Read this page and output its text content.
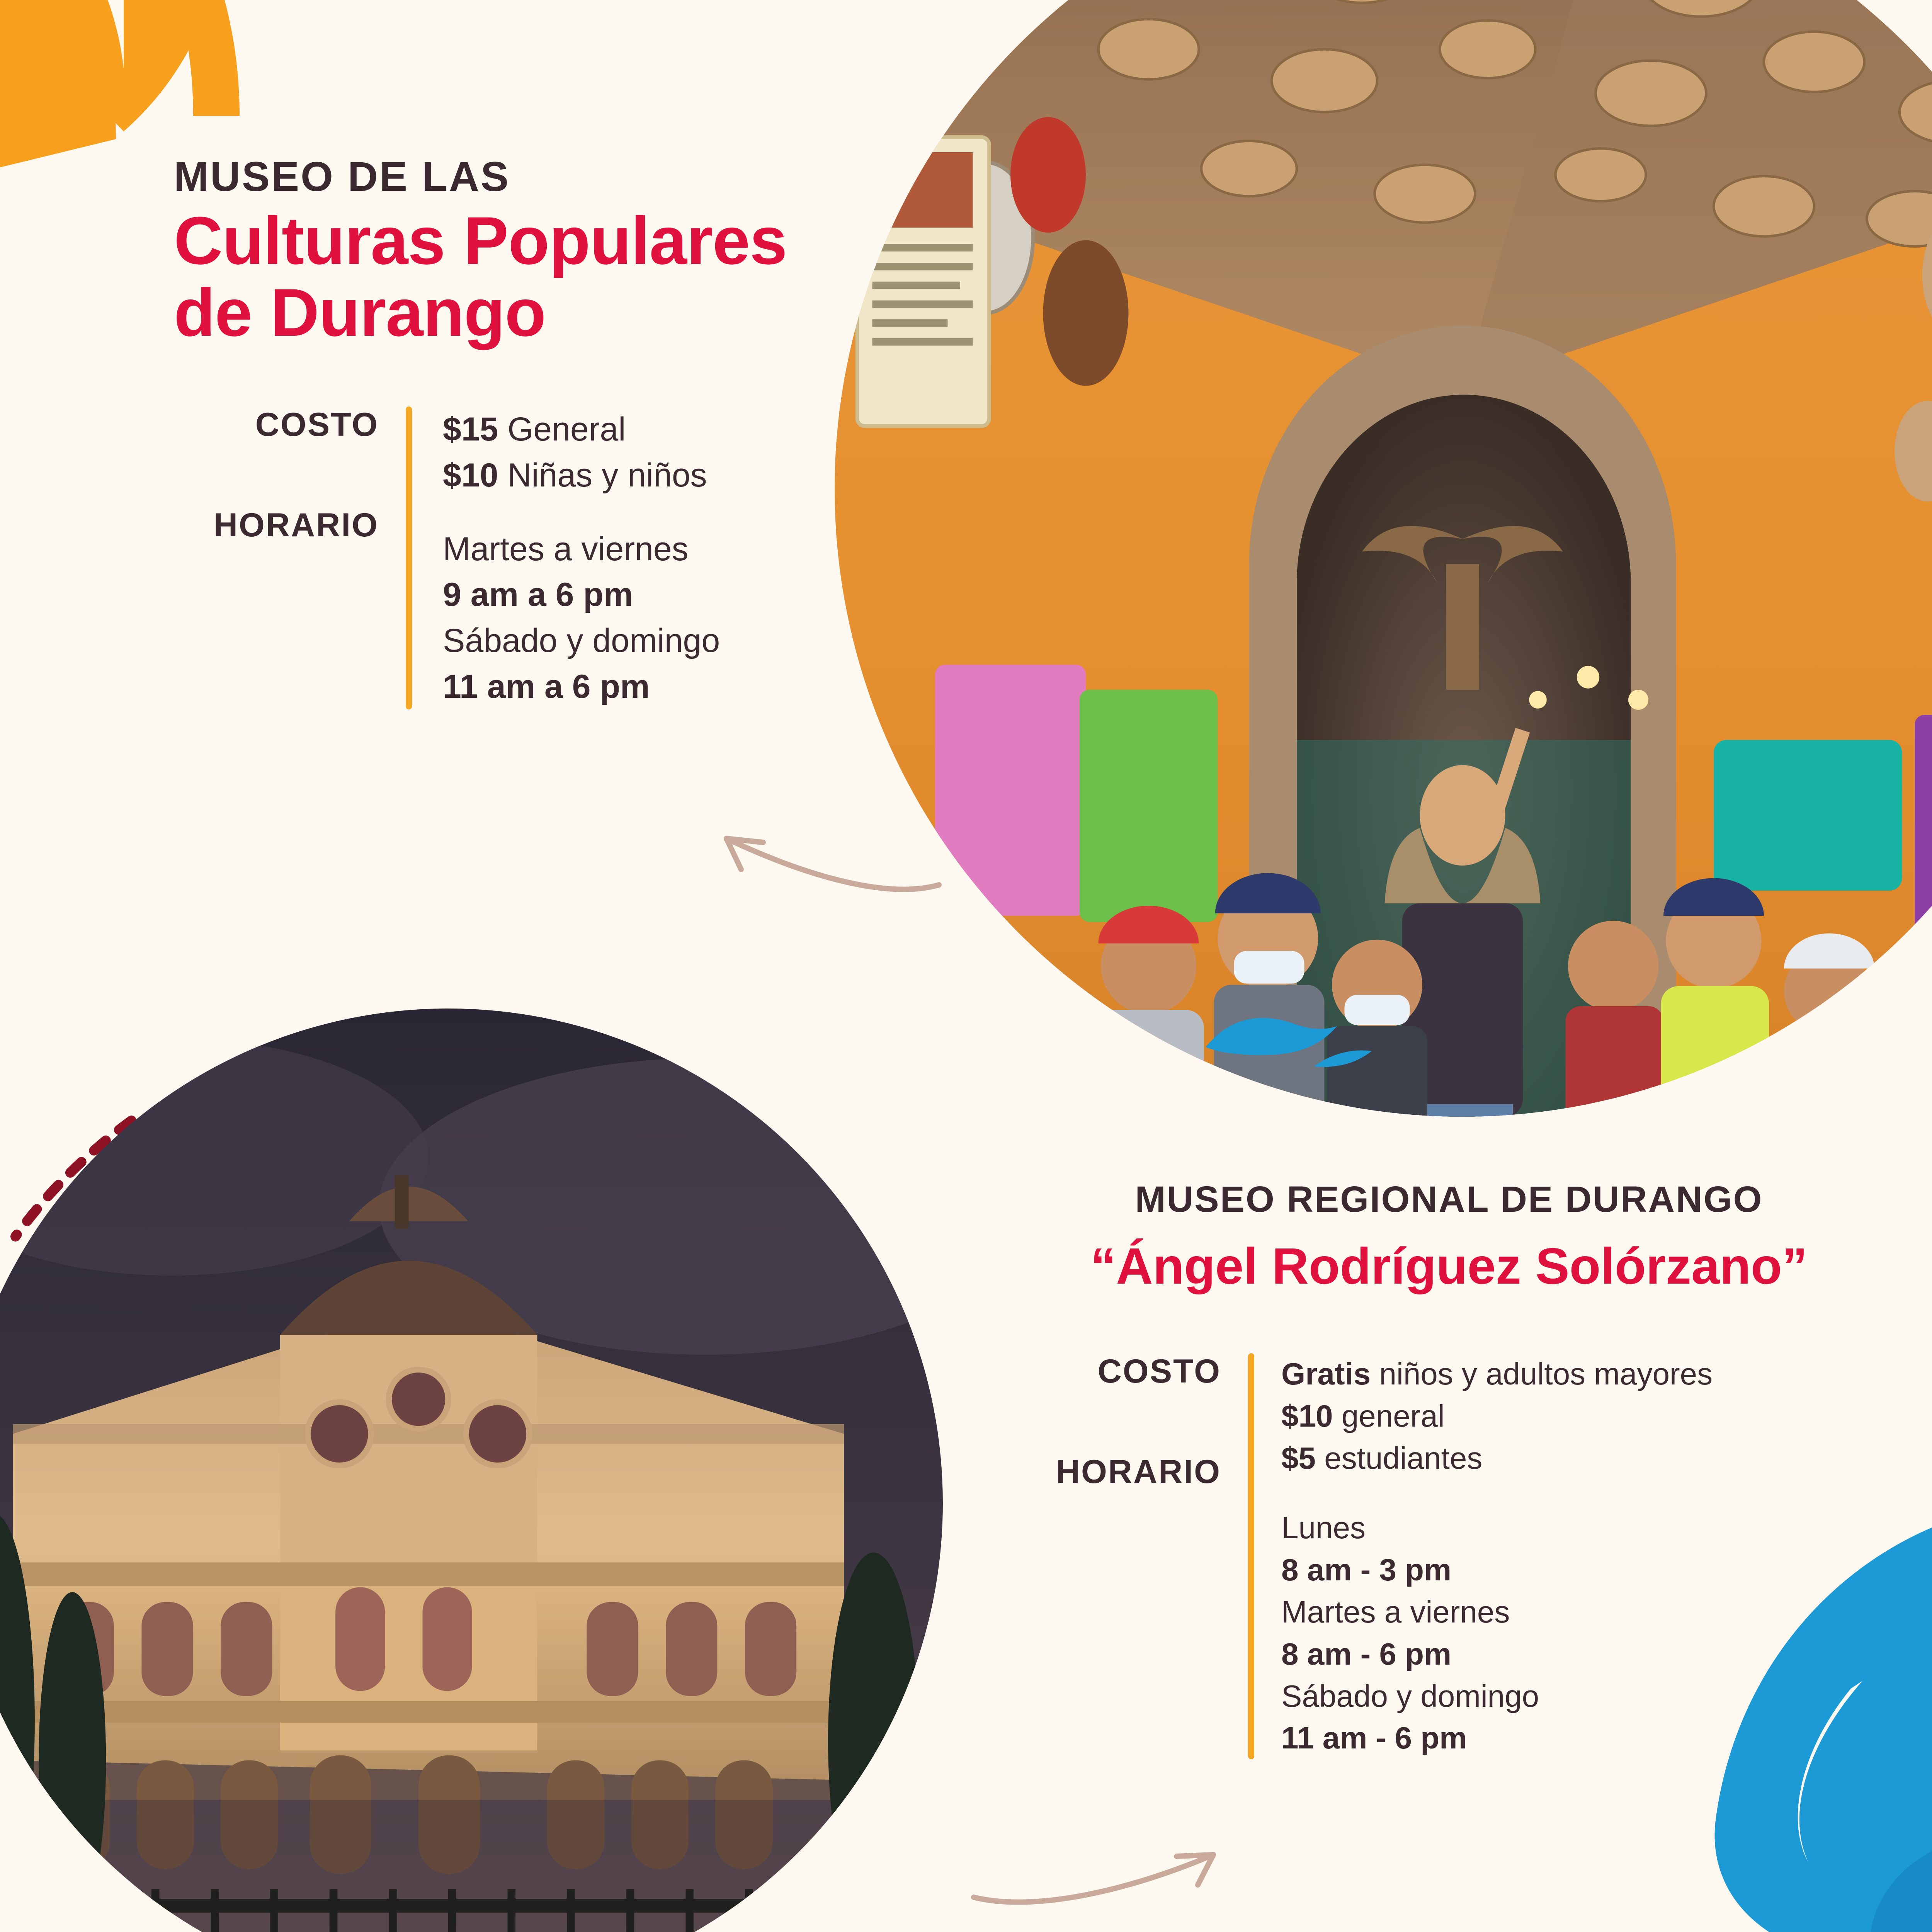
MUSEO DE LAS
Culturas Populares
de Durango
COSTO
HORARIO
$15 General
$10 Niñas y niños
Martes a viernes
9 am a 6 pm
Sábado y domingo
11 am a 6 pm
MUSEO REGIONAL DE DURANGO
“Ángel Rodríguez Solórzano”
COSTO
HORARIO
Gratis niños y adultos mayores
$10 general
$5 estudiantes
Lunes
8 am - 3 pm
Martes a viernes
8 am - 6 pm
Sábado y domingo
11 am - 6 pm
